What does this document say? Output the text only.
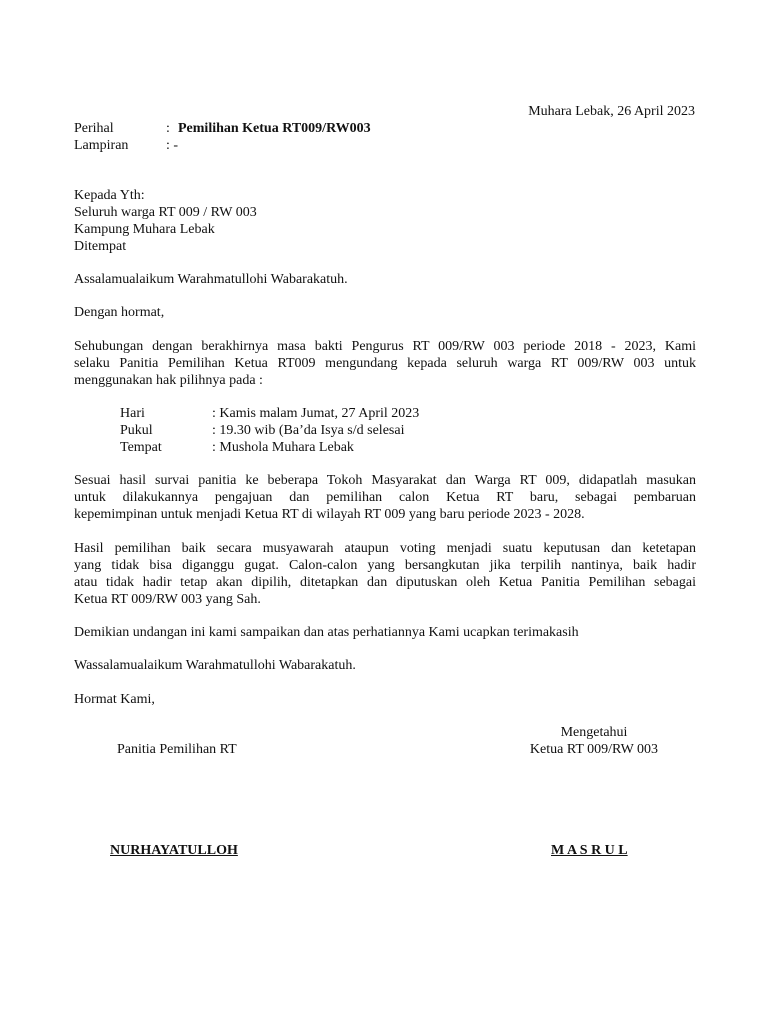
Muhara Lebak, 26 April 2023
Perihal	: Pemilihan Ketua RT009/RW003
Lampiran	: -
Kepada Yth:
Seluruh warga RT 009 / RW 003
Kampung Muhara Lebak
Ditempat
Assalamualaikum Warahmatullohi Wabarakatuh.
Dengan hormat,
Sehubungan dengan berakhirnya masa bakti Pengurus RT 009/RW 003 periode 2018 - 2023, Kami
selaku Panitia Pemilihan Ketua RT009 mengundang kepada seluruh warga RT 009/RW 003 untuk
menggunakan hak pilihnya pada :
Hari	: Kamis malam Jumat, 27 April 2023
Pukul	: 19.30 wib (Ba’da Isya s/d selesai
Tempat	: Mushola Muhara Lebak
Sesuai hasil survai panitia ke beberapa Tokoh Masyarakat dan Warga RT 009, didapatlah masukan
untuk dilakukannya pengajuan dan pemilihan calon Ketua RT baru, sebagai pembaruan
kepemimpinan untuk menjadi Ketua RT di wilayah RT 009 yang baru periode 2023 - 2028.
Hasil pemilihan baik secara musyawarah ataupun voting menjadi suatu keputusan dan ketetapan
yang tidak bisa diganggu gugat. Calon-calon yang bersangkutan jika terpilih nantinya, baik hadir
atau tidak hadir tetap akan dipilih, ditetapkan dan diputuskan oleh Ketua Panitia Pemilihan sebagai
Ketua RT 009/RW 003 yang Sah.
Demikian undangan ini kami sampaikan dan atas perhatiannya Kami ucapkan terimakasih
Wassalamualaikum Warahmatullohi Wabarakatuh.
Hormat Kami,
Mengetahui
Panitia Pemilihan RT	Ketua RT 009/RW 003
NURHAYATULLOH	M A S R U L
